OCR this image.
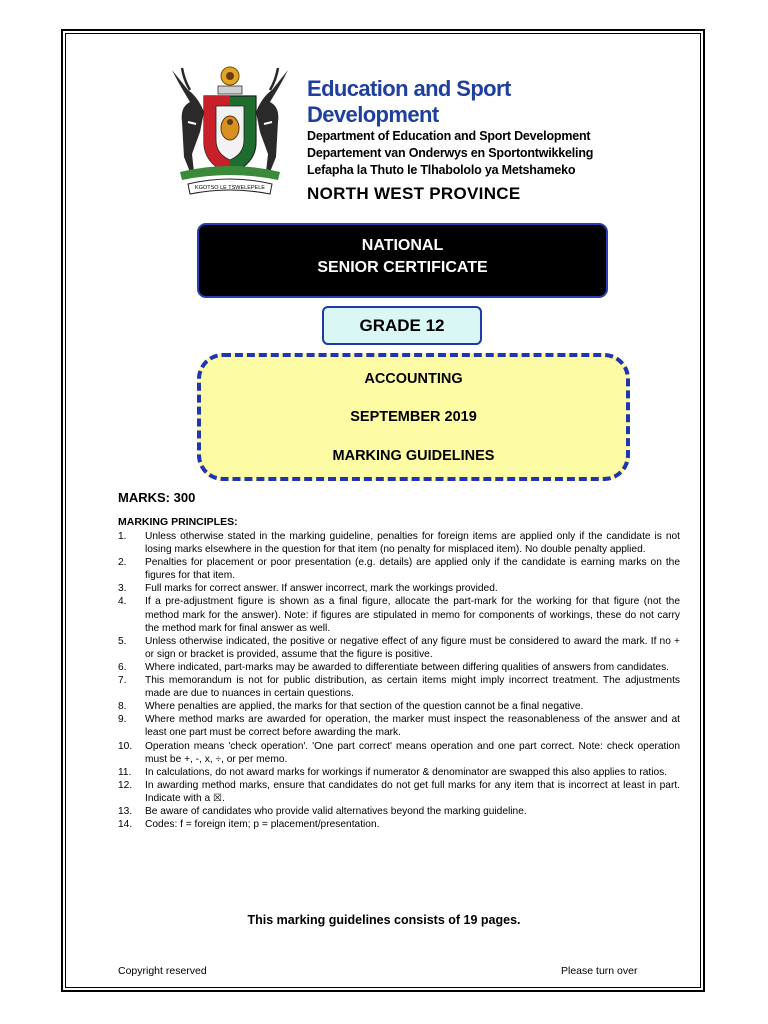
KGOTSO LE TSWELEPELE
Education and Sport Development
Department of Education and Sport Development
Departement van Onderwys en Sportontwikkeling
Lefapha la Thuto le Tlhabololo ya Metshameko
NORTH WEST PROVINCE
NATIONAL
SENIOR CERTIFICATE
GRADE 12
ACCOUNTING
SEPTEMBER 2019
MARKING GUIDELINES
MARKS: 300
MARKING PRINCIPLES:
1.	Unless otherwise stated in the marking guideline, penalties for foreign items are applied only if the candidate is not losing marks elsewhere in the question for that item (no penalty for misplaced item). No double penalty applied.
2.	Penalties for placement or poor presentation (e.g. details) are applied only if the candidate is earning marks on the figures for that item.
3.	Full marks for correct answer. If answer incorrect, mark the workings provided.
4.	If a pre-adjustment figure is shown as a final figure, allocate the part-mark for the working for that figure (not the method mark for the answer). Note: if figures are stipulated in memo for components of workings, these do not carry the method mark for final answer as well.
5.	Unless otherwise indicated, the positive or negative effect of any figure must be considered to award the mark. If no + or sign or bracket is provided, assume that the figure is positive.
6.	Where indicated, part-marks may be awarded to differentiate between differing qualities of answers from candidates.
7.	This memorandum is not for public distribution, as certain items might imply incorrect treatment. The adjustments made are due to nuances in certain questions.
8.	Where penalties are applied, the marks for that section of the question cannot be a final negative.
9.	Where method marks are awarded for operation, the marker must inspect the reasonableness of the answer and at least one part must be correct before awarding the mark.
10.	Operation means 'check operation'. 'One part correct' means operation and one part correct. Note: check operation must be +, -, x, ÷, or per memo.
11.	In calculations, do not award marks for workings if numerator & denominator are swapped this also applies to ratios.
12.	In awarding method marks, ensure that candidates do not get full marks for any item that is incorrect at least in part. Indicate with a ☒.
13.	Be aware of candidates who provide valid alternatives beyond the marking guideline.
14.	Codes: f = foreign item; p = placement/presentation.
This marking guidelines consists of 19 pages.
Copyright reserved	Please turn over
